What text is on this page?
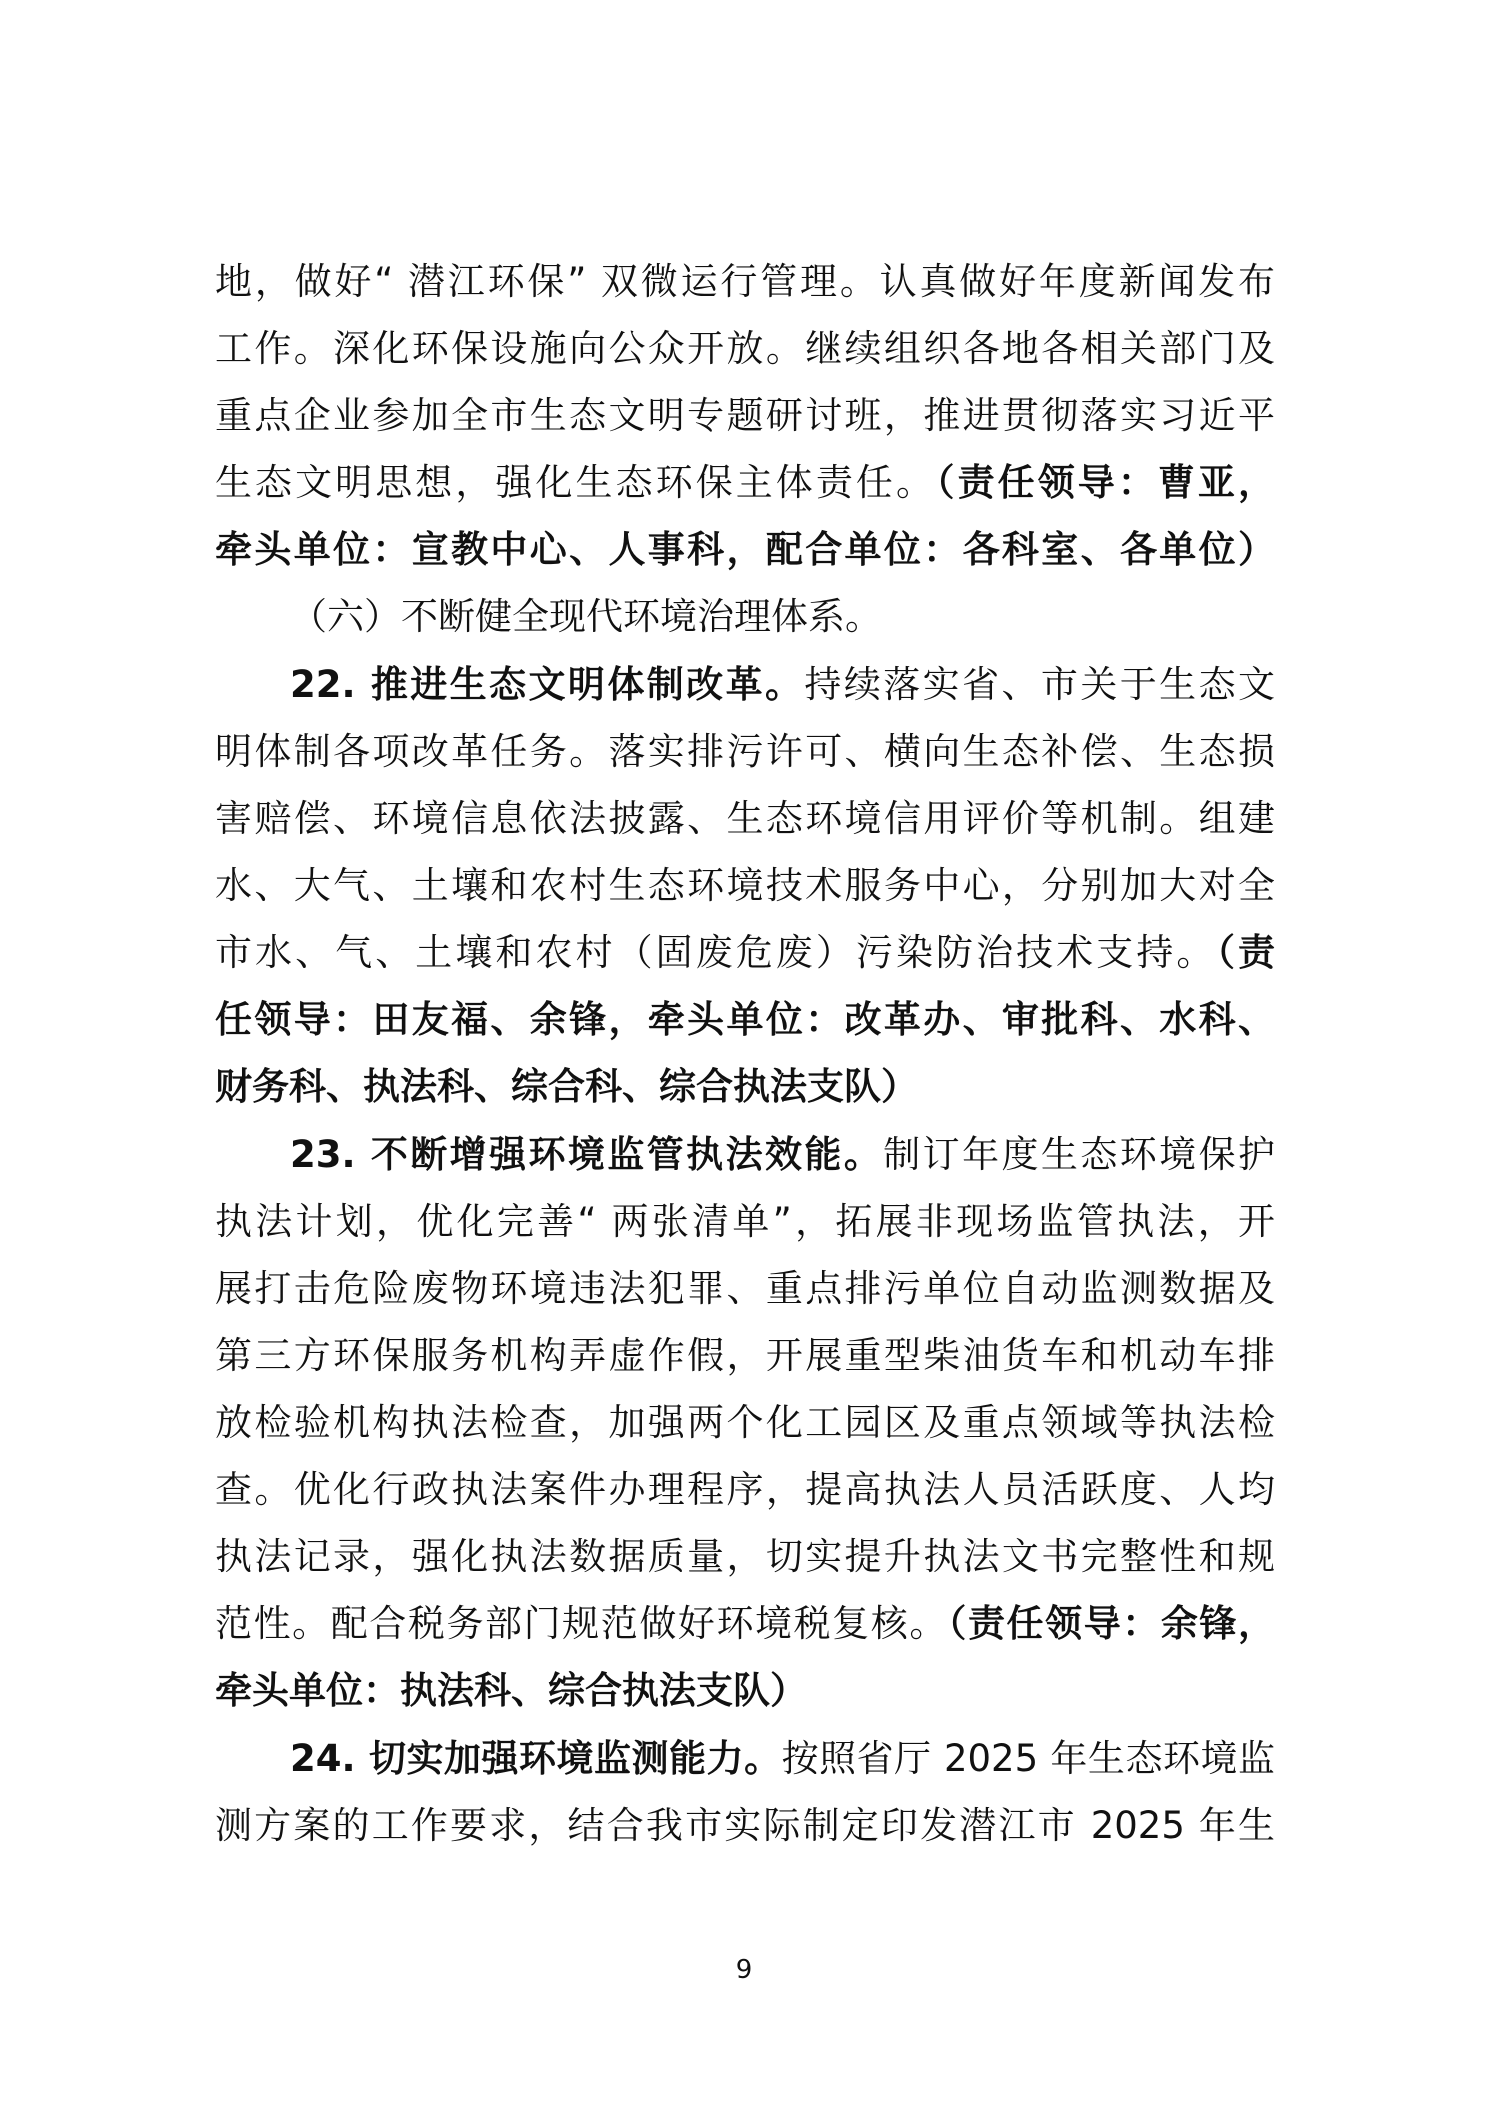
地，做好“ 潜江环保” 双微运行管理。认真做好年度新闻发布
工作。深化环保设施向公众开放。继续组织各地各相关部门及
重点企业参加全市生态文明专题研讨班，推进贯彻落实习近平
生态文明思想，强化生态环保主体责任。（责任领导：曹亚，
牵头单位：宣教中心、人事科，配合单位：各科室、各单位）
（六）不断健全现代环境治理体系。
22. 推进生态文明体制改革。持续落实省、市关于生态文
明体制各项改革任务。落实排污许可、横向生态补偿、生态损
害赔偿、环境信息依法披露、生态环境信用评价等机制。组建
水、大气、土壤和农村生态环境技术服务中心，分别加大对全
市水、气、土壤和农村（固废危废）污染防治技术支持。（责
任领导：田友福、余锋，牵头单位：改革办、审批科、水科、
财务科、执法科、综合科、综合执法支队）
23. 不断增强环境监管执法效能。制订年度生态环境保护
执法计划，优化完善“ 两张清单”，拓展非现场监管执法，开
展打击危险废物环境违法犯罪、重点排污单位自动监测数据及
第三方环保服务机构弄虚作假，开展重型柴油货车和机动车排
放检验机构执法检查，加强两个化工园区及重点领域等执法检
查。优化行政执法案件办理程序，提高执法人员活跃度、人均
执法记录，强化执法数据质量，切实提升执法文书完整性和规
范性。配合税务部门规范做好环境税复核。（责任领导：余锋，
牵头单位：执法科、综合执法支队）
24. 切实加强环境监测能力。按照省厅 2025 年生态环境监
测方案的工作要求，结合我市实际制定印发潜江市 2025 年生
9
